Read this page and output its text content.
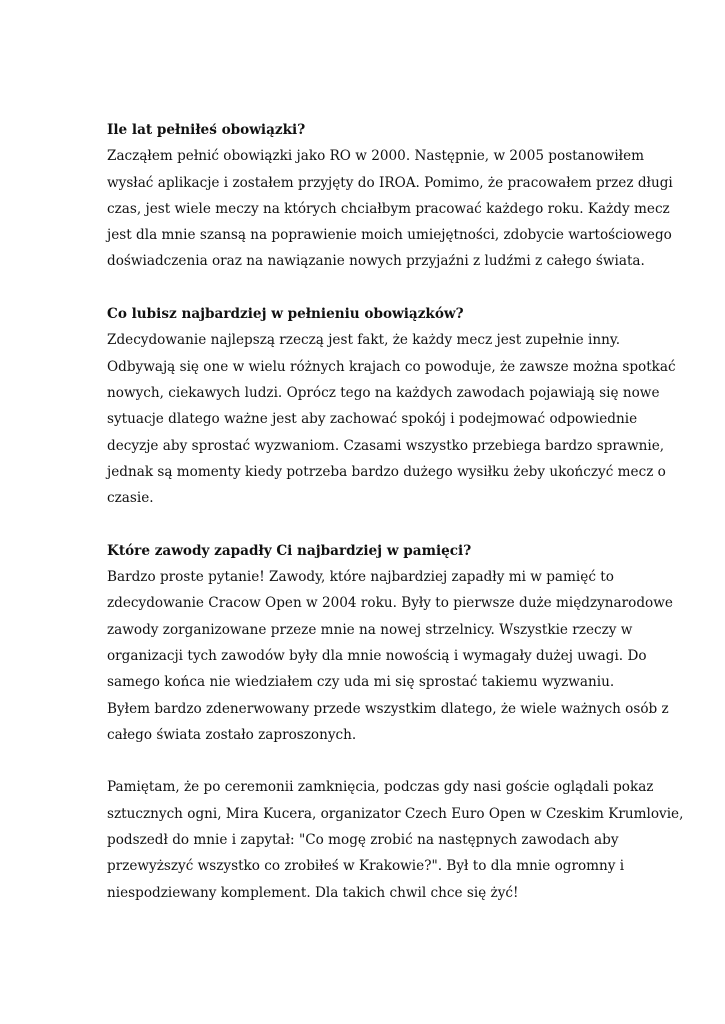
Ile lat pełniłeś obowiązki?

Zacząłem pełnić obowiązki jako RO w 2000. Następnie, w 2005 postanowiłem
wysłać aplikacje i zostałem przyjęty do IROA. Pomimo, że pracowałem przez długi
czas, jest wiele meczy na których chciałbym pracować każdego roku. Każdy mecz
jest dla mnie szansą na poprawienie moich umiejętności, zdobycie wartościowego
doświadczenia oraz na nawiązanie nowych przyjaźni z ludźmi z całego świata.

Co lubisz najbardziej w pełnieniu obowiązków?

Zdecydowanie najlepszą rzeczą jest fakt, że każdy mecz jest zupełnie inny.
Odbywają się one w wielu różnych krajach co powoduje, że zawsze można spotkać
nowych, ciekawych ludzi. Oprócz tego na każdych zawodach pojawiają się nowe
sytuacje dlatego ważne jest aby zachować spokój i podejmować odpowiednie
decyzje aby sprostać wyzwaniom. Czasami wszystko przebiega bardzo sprawnie,
jednak są momenty kiedy potrzeba bardzo dużego wysiłku żeby ukończyć mecz o
czasie.

Które zawody zapadły Ci najbardziej w pamięci?

Bardzo proste pytanie! Zawody, które najbardziej zapadły mi w pamięć to
zdecydowanie Cracow Open w 2004 roku. Były to pierwsze duże międzynarodowe
zawody zorganizowane przeze mnie na nowej strzelnicy. Wszystkie rzeczy w
organizacji tych zawodów były dla mnie nowością i wymagały dużej uwagi. Do
samego końca nie wiedziałem czy uda mi się sprostać takiemu wyzwaniu.
Byłem bardzo zdenerwowany przede wszystkim dlatego, że wiele ważnych osób z
całego świata zostało zaproszonych.

Pamiętam, że po ceremonii zamknięcia, podczas gdy nasi goście oglądali pokaz
sztucznych ogni, Mira Kucera, organizator Czech Euro Open w Czeskim Krumlovie,
podszedł do mnie i zapytał: "Co mogę zrobić na następnych zawodach aby
przewyższyć wszystko co zrobiłeś w Krakowie?". Był to dla mnie ogromny i
niespodziewany komplement. Dla takich chwil chce się żyć!
